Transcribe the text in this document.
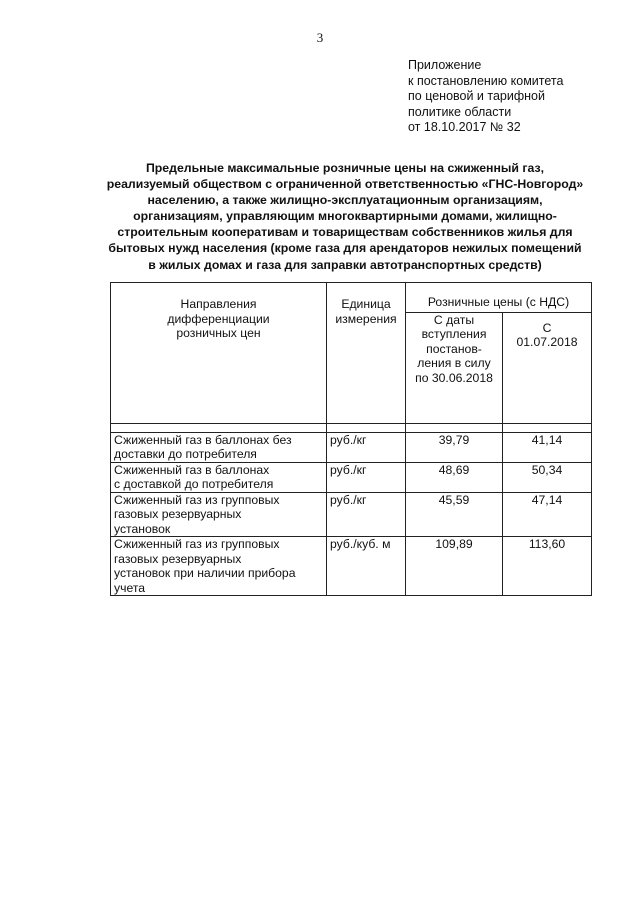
3
Приложение
к постановлению комитета
по ценовой и тарифной
политике области
от 18.10.2017 № 32
Предельные максимальные розничные цены на сжиженный газ,
реализуемый обществом с ограниченной ответственностью «ГНС-Новгород»
населению, а также жилищно-эксплуатационным организациям,
организациям, управляющим многоквартирными домами, жилищно-
строительным кооперативам и товариществам собственников жилья для
бытовых нужд населения (кроме газа для арендаторов нежилых помещений
в жилых домах и газа для заправки автотранспортных средств)
Направления
дифференциации
розничных цен	Единица
измерения	Розничные цены (с НДС)	

		С даты
вступления
постанов-
ления в силу
по 30.06.2018	С
01.07.2018

Сжиженный газ в баллонах без
доставки до потребителя	руб./кг	39,79	41,14

Сжиженный газ в баллонах
с доставкой до потребителя	руб./кг	48,69	50,34

Сжиженный газ из групповых
газовых резервуарных
установок	руб./кг	45,59	47,14

Сжиженный газ из групповых
газовых резервуарных
установок при наличии прибора
учета	руб./куб. м	109,89	113,60
